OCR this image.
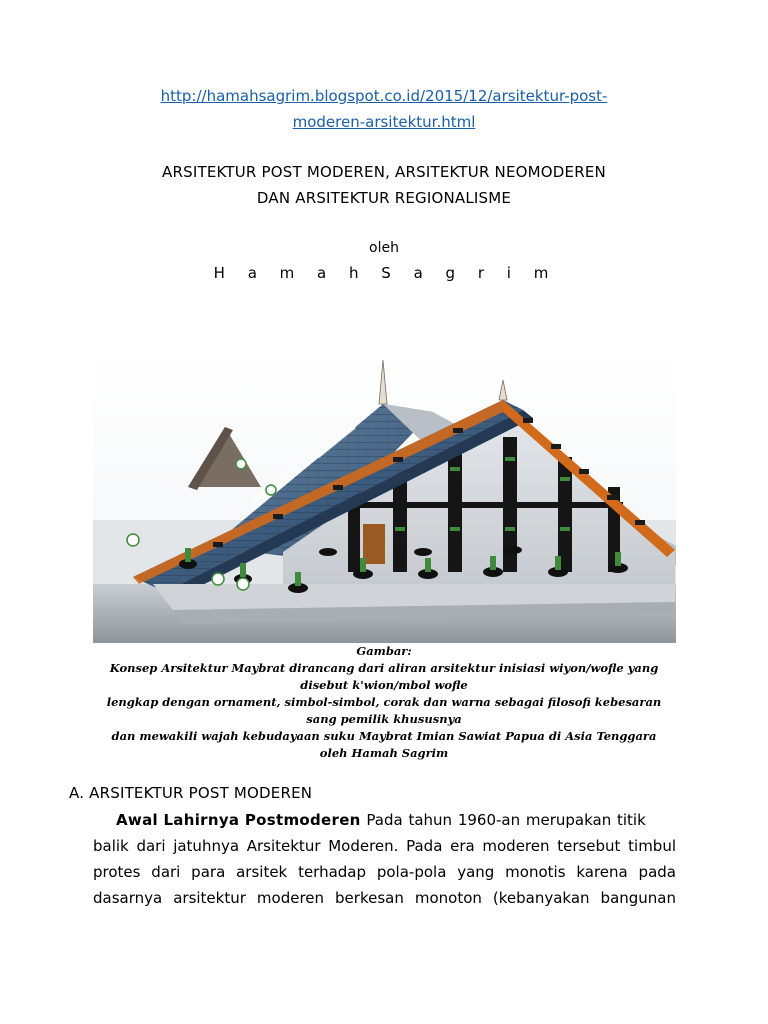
http://hamahsagrim.blogspot.co.id/2015/12/arsitektur-post-
moderen-arsitektur.html
ARSITEKTUR POST MODEREN, ARSITEKTUR NEOMODEREN
DAN ARSITEKTUR REGIONALISME
oleh
H a m a h S a g r i m
Gambar:
Konsep Arsitektur Maybrat dirancang dari aliran arsitektur inisiasi wiyon/wofle yang
disebut k'wion/mbol wofle
lengkap dengan ornament, simbol-simbol, corak dan warna sebagai filosofi kebesaran
sang pemilik khususnya
dan mewakili wajah kebudayaan suku Maybrat Imian Sawiat Papua di Asia Tenggara
oleh Hamah Sagrim
A. ARSITEKTUR POST MODEREN
Awal Lahirnya Postmoderen Pada tahun 1960-an merupakan titik
balik dari jatuhnya Arsitektur Moderen. Pada era moderen tersebut timbul
protes dari para arsitek terhadap pola-pola yang monotis karena pada
dasarnya arsitektur moderen berkesan monoton (kebanyakan bangunan
